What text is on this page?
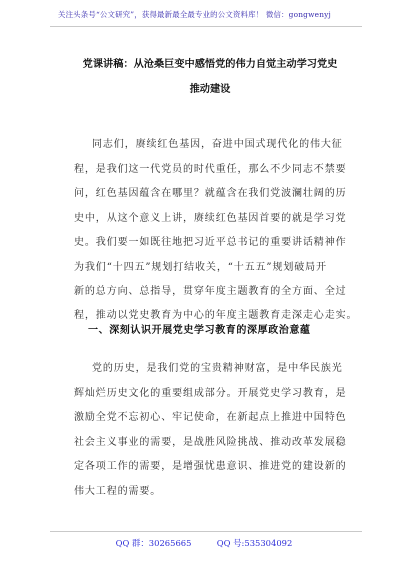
关注头条号“公文研究”，获得最新最全最专业的公文资料库！ 微信：gongwenyj
党课讲稿：从沧桑巨变中感悟党的伟力自觉主动学习党史
推动建设
同志们，赓续红色基因，奋进中国式现代化的伟大征
程，是我们这一代党员的时代重任，那么不少同志不禁要
问，红色基因蕴含在哪里？就蕴含在我们党波澜壮阔的历
史中，从这个意义上讲，赓续红色基因首要的就是学习党
史。我们要一如既往地把习近平总书记的重要讲话精神作
为我们“十四五”规划打结收关，“十五五”规划破局开
新的总方向、总指导，贯穿年度主题教育的全方面、全过
程，推动以党史教育为中心的年度主题教育走深走心走实。
一、深刻认识开展党史学习教育的深厚政治意蕴
党的历史，是我们党的宝贵精神财富，是中华民族光
辉灿烂历史文化的重要组成部分。开展党史学习教育，是
激励全党不忘初心、牢记使命，在新起点上推进中国特色
社会主义事业的需要，是战胜风险挑战、推动改革发展稳
定各项工作的需要，是增强忧患意识、推进党的建设新的
伟大工程的需要。
QQ 群：30265665	QQ 号:535304092
